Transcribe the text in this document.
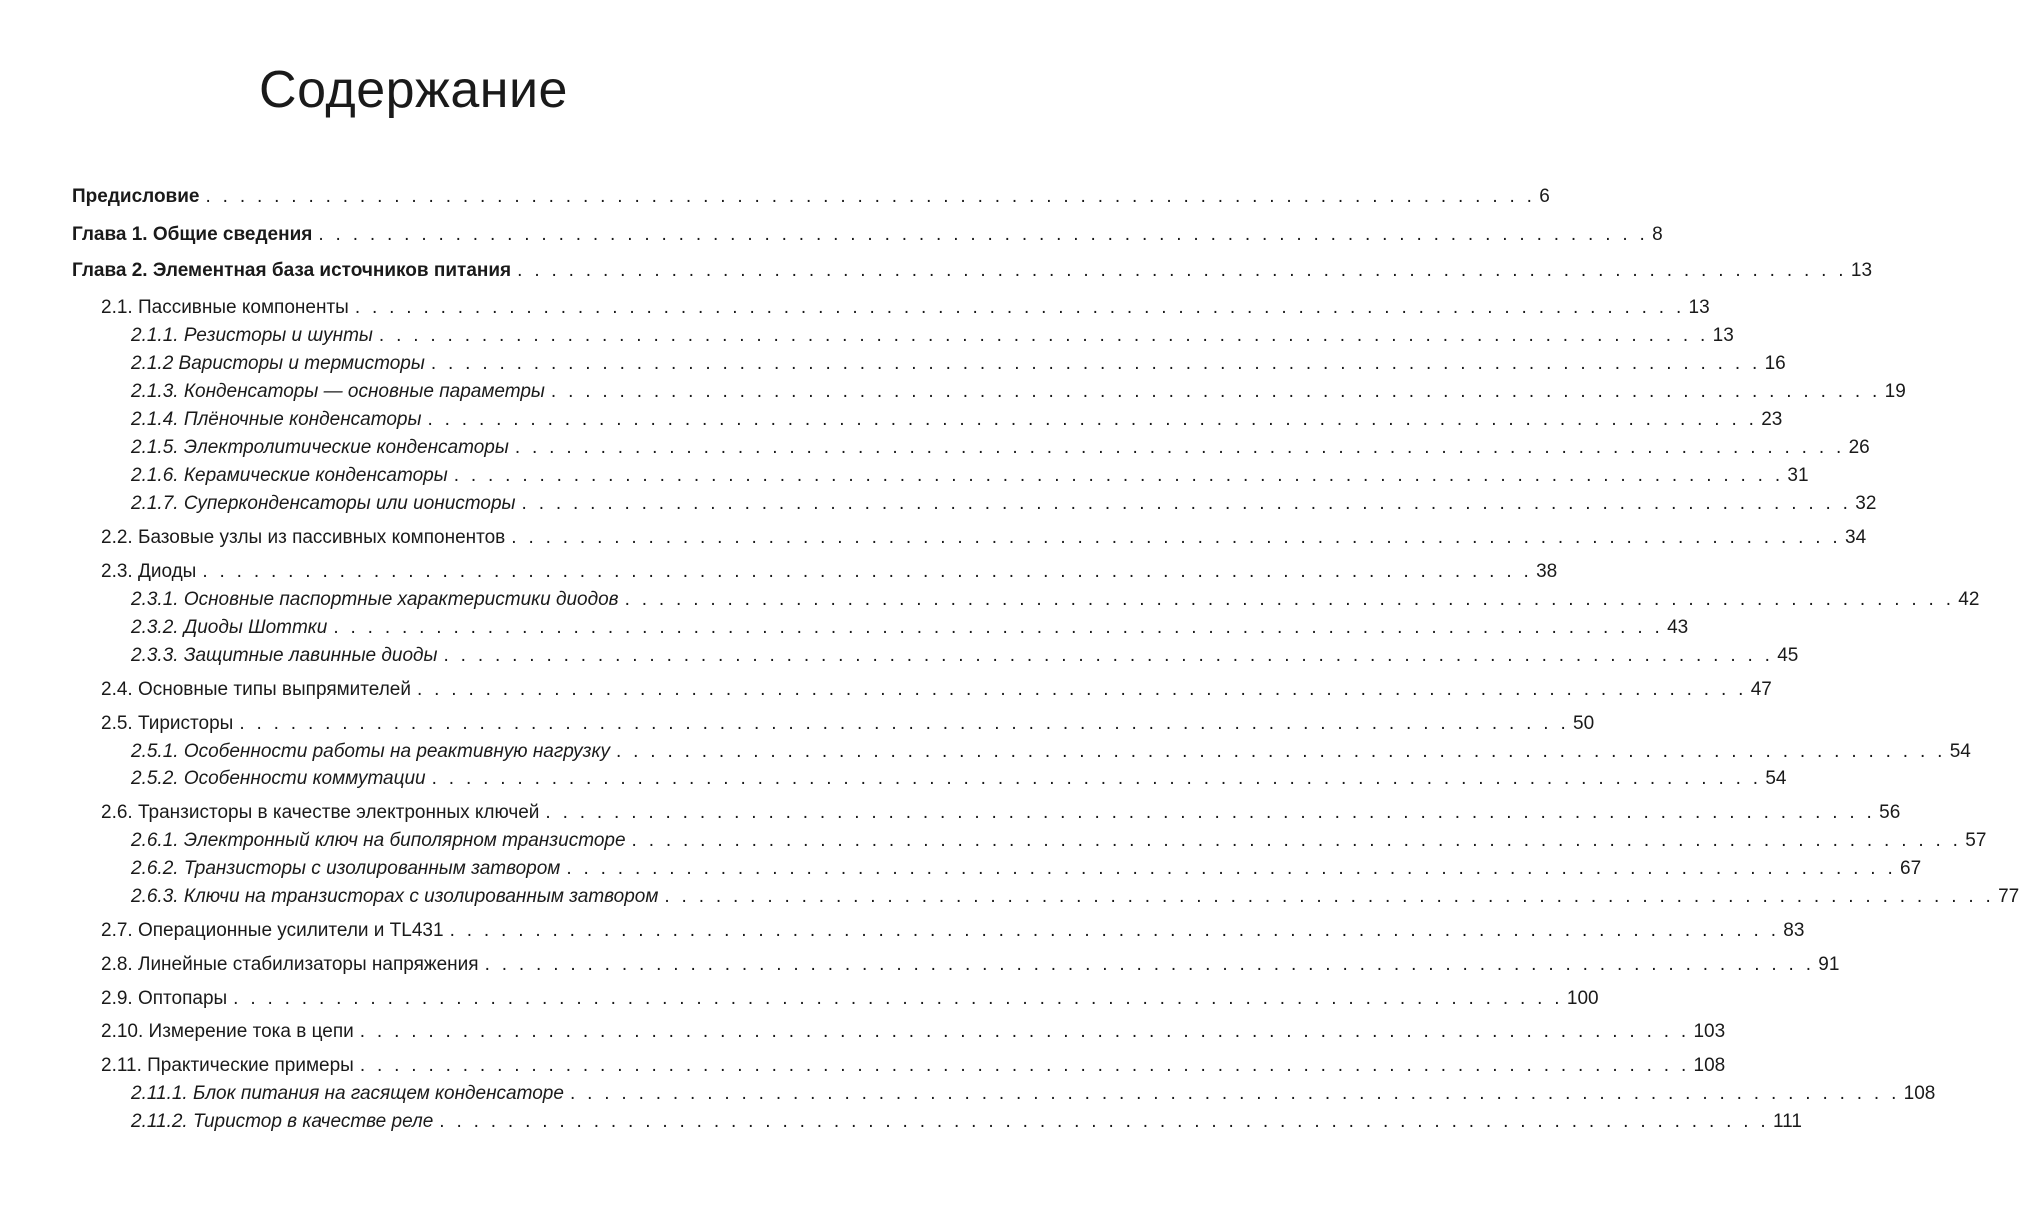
Содержание
Предисловие . . . . . . . . . . . . . . . . . . . . . . . . . . . . . . . . . . . . . . . . . . . . . . . . . . . . . . . . . . . . . . . . . . . . . . . . . . . . . . 6
Глава 1. Общие сведения . . . . . . . . . . . . . . . . . . . . . . . . . . . . . . . . . . . . . . . . . . . . . . . . . . . . . . . . . . . . . . . . . . . . . . . . . . . . . . 8
Глава 2. Элементная база источников питания . . . . . . . . . . . . . . . . . . . . . . . . . . . . . . . . . . . . . . . . . . . . . . . . . . . . . . . . . . . . . . . . . . . . . . . . . . . . . . 13
2.1. Пассивные компоненты . . . . . . . . . . . . . . . . . . . . . . . . . . . . . . . . . . . . . . . . . . . . . . . . . . . . . . . . . . . . . . . . . . . . . . . . . . . . . . 13
2.1.1. Резисторы и шунты . . . . . . . . . . . . . . . . . . . . . . . . . . . . . . . . . . . . . . . . . . . . . . . . . . . . . . . . . . . . . . . . . . . . . . . . . . . . . . 13
2.1.2 Варисторы и термисторы . . . . . . . . . . . . . . . . . . . . . . . . . . . . . . . . . . . . . . . . . . . . . . . . . . . . . . . . . . . . . . . . . . . . . . . . . . . . . . 16
2.1.3. Конденсаторы — основные параметры . . . . . . . . . . . . . . . . . . . . . . . . . . . . . . . . . . . . . . . . . . . . . . . . . . . . . . . . . . . . . . . . . . . . . . . . . . . . . . 19
2.1.4. Плёночные конденсаторы . . . . . . . . . . . . . . . . . . . . . . . . . . . . . . . . . . . . . . . . . . . . . . . . . . . . . . . . . . . . . . . . . . . . . . . . . . . . . . 23
2.1.5. Электролитические конденсаторы . . . . . . . . . . . . . . . . . . . . . . . . . . . . . . . . . . . . . . . . . . . . . . . . . . . . . . . . . . . . . . . . . . . . . . . . . . . . . . 26
2.1.6. Керамические конденсаторы . . . . . . . . . . . . . . . . . . . . . . . . . . . . . . . . . . . . . . . . . . . . . . . . . . . . . . . . . . . . . . . . . . . . . . . . . . . . . . 31
2.1.7. Суперконденсаторы или ионисторы . . . . . . . . . . . . . . . . . . . . . . . . . . . . . . . . . . . . . . . . . . . . . . . . . . . . . . . . . . . . . . . . . . . . . . . . . . . . . . 32
2.2. Базовые узлы из пассивных компонентов . . . . . . . . . . . . . . . . . . . . . . . . . . . . . . . . . . . . . . . . . . . . . . . . . . . . . . . . . . . . . . . . . . . . . . . . . . . . . . 34
2.3. Диоды . . . . . . . . . . . . . . . . . . . . . . . . . . . . . . . . . . . . . . . . . . . . . . . . . . . . . . . . . . . . . . . . . . . . . . . . . . . . . . 38
2.3.1. Основные паспортные характеристики диодов . . . . . . . . . . . . . . . . . . . . . . . . . . . . . . . . . . . . . . . . . . . . . . . . . . . . . . . . . . . . . . . . . . . . . . . . . . . . . . 42
2.3.2. Диоды Шоттки . . . . . . . . . . . . . . . . . . . . . . . . . . . . . . . . . . . . . . . . . . . . . . . . . . . . . . . . . . . . . . . . . . . . . . . . . . . . . . 43
2.3.3. Защитные лавинные диоды . . . . . . . . . . . . . . . . . . . . . . . . . . . . . . . . . . . . . . . . . . . . . . . . . . . . . . . . . . . . . . . . . . . . . . . . . . . . . . 45
2.4. Основные типы выпрямителей . . . . . . . . . . . . . . . . . . . . . . . . . . . . . . . . . . . . . . . . . . . . . . . . . . . . . . . . . . . . . . . . . . . . . . . . . . . . . . 47
2.5. Тиристоры . . . . . . . . . . . . . . . . . . . . . . . . . . . . . . . . . . . . . . . . . . . . . . . . . . . . . . . . . . . . . . . . . . . . . . . . . . . . . . 50
2.5.1. Особенности работы на реактивную нагрузку . . . . . . . . . . . . . . . . . . . . . . . . . . . . . . . . . . . . . . . . . . . . . . . . . . . . . . . . . . . . . . . . . . . . . . . . . . . . . . 54
2.5.2. Особенности коммутации . . . . . . . . . . . . . . . . . . . . . . . . . . . . . . . . . . . . . . . . . . . . . . . . . . . . . . . . . . . . . . . . . . . . . . . . . . . . . . 54
2.6. Транзисторы в качестве электронных ключей . . . . . . . . . . . . . . . . . . . . . . . . . . . . . . . . . . . . . . . . . . . . . . . . . . . . . . . . . . . . . . . . . . . . . . . . . . . . . . 56
2.6.1. Электронный ключ на биполярном транзисторе . . . . . . . . . . . . . . . . . . . . . . . . . . . . . . . . . . . . . . . . . . . . . . . . . . . . . . . . . . . . . . . . . . . . . . . . . . . . . . 57
2.6.2. Транзисторы с изолированным затвором . . . . . . . . . . . . . . . . . . . . . . . . . . . . . . . . . . . . . . . . . . . . . . . . . . . . . . . . . . . . . . . . . . . . . . . . . . . . . . 67
2.6.3. Ключи на транзисторах с изолированным затвором . . . . . . . . . . . . . . . . . . . . . . . . . . . . . . . . . . . . . . . . . . . . . . . . . . . . . . . . . . . . . . . . . . . . . . . . . . . . . . 77
2.7. Операционные усилители и TL431 . . . . . . . . . . . . . . . . . . . . . . . . . . . . . . . . . . . . . . . . . . . . . . . . . . . . . . . . . . . . . . . . . . . . . . . . . . . . . . 83
2.8. Линейные стабилизаторы напряжения . . . . . . . . . . . . . . . . . . . . . . . . . . . . . . . . . . . . . . . . . . . . . . . . . . . . . . . . . . . . . . . . . . . . . . . . . . . . . . 91
2.9. Оптопары . . . . . . . . . . . . . . . . . . . . . . . . . . . . . . . . . . . . . . . . . . . . . . . . . . . . . . . . . . . . . . . . . . . . . . . . . . . . . . 100
2.10. Измерение тока в цепи . . . . . . . . . . . . . . . . . . . . . . . . . . . . . . . . . . . . . . . . . . . . . . . . . . . . . . . . . . . . . . . . . . . . . . . . . . . . . . 103
2.11. Практические примеры . . . . . . . . . . . . . . . . . . . . . . . . . . . . . . . . . . . . . . . . . . . . . . . . . . . . . . . . . . . . . . . . . . . . . . . . . . . . . . 108
2.11.1. Блок питания на гасящем конденсаторе . . . . . . . . . . . . . . . . . . . . . . . . . . . . . . . . . . . . . . . . . . . . . . . . . . . . . . . . . . . . . . . . . . . . . . . . . . . . . . 108
2.11.2. Тиристор в качестве реле . . . . . . . . . . . . . . . . . . . . . . . . . . . . . . . . . . . . . . . . . . . . . . . . . . . . . . . . . . . . . . . . . . . . . . . . . . . . . . 111
